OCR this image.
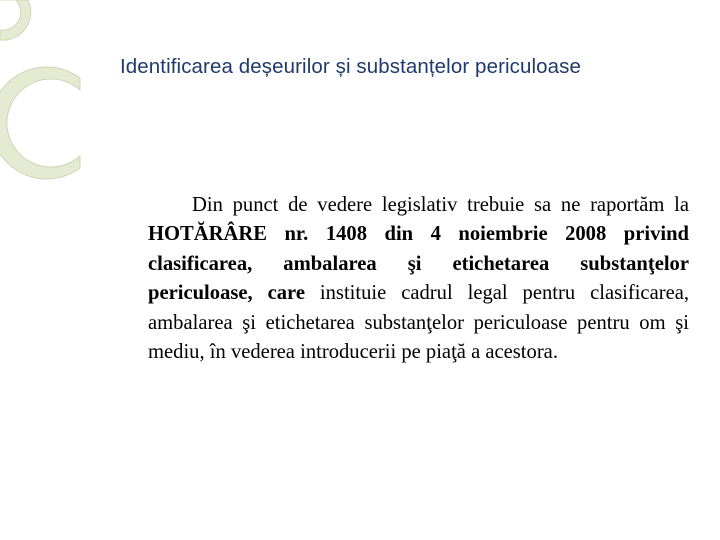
Identificarea deșeurilor și substanțelor periculoase
Din punct de vedere legislativ trebuie sa ne raportăm la HOTĂRÂRE nr. 1408 din 4 noiembrie 2008 privind clasificarea, ambalarea şi etichetarea substanţelor periculoase, care instituie cadrul legal pentru clasificarea, ambalarea şi etichetarea substanţelor periculoase pentru om şi mediu, în vederea introducerii pe piaţă a acestora.
